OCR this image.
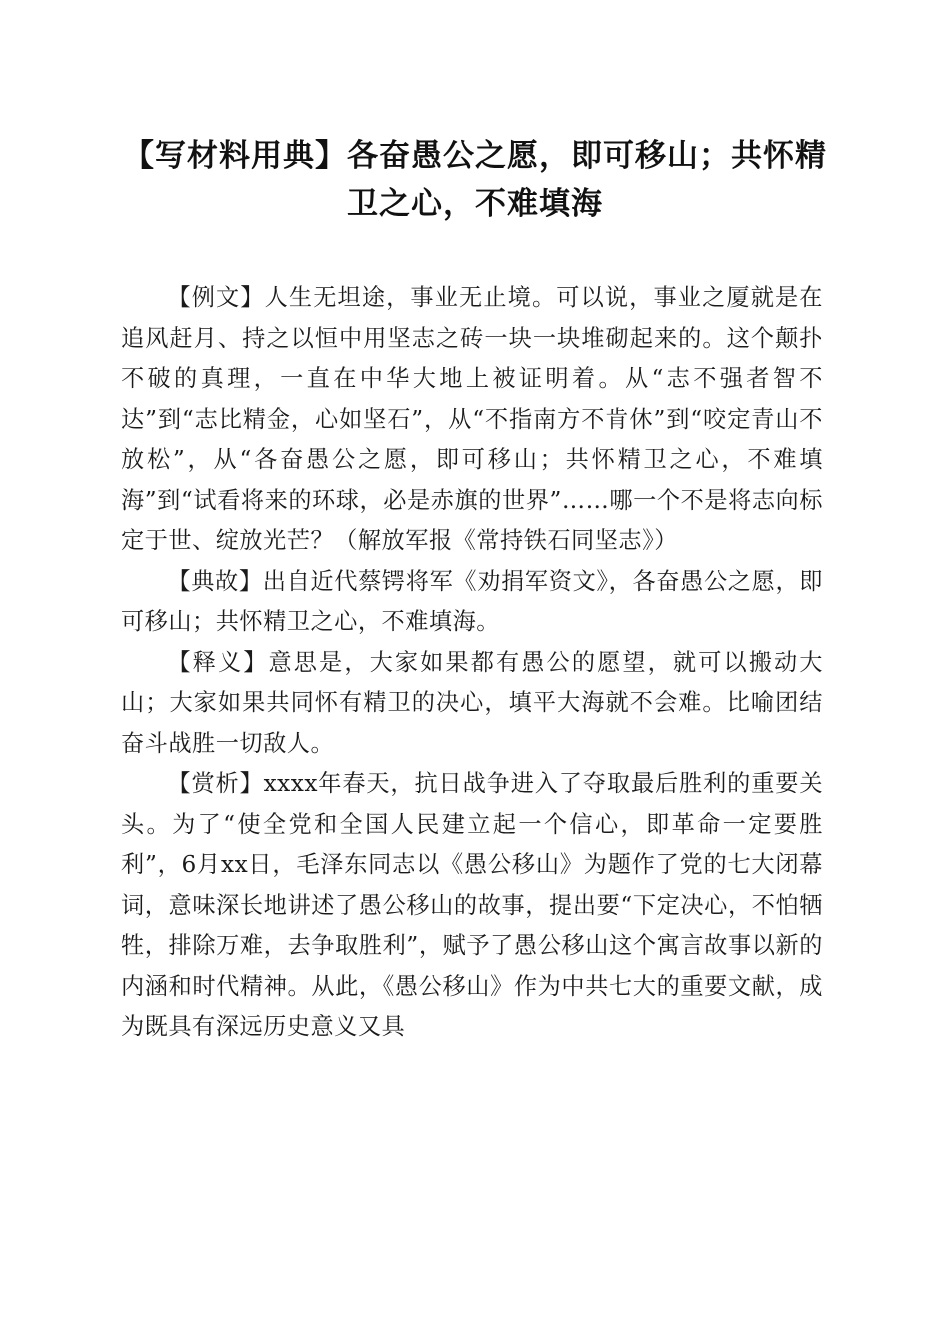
【写材料用典】各奋愚公之愿，即可移山；共怀精卫之心，不难填海

【例文】人生无坦途，事业无止境。可以说，事业之厦就是在追风赶月、持之以恒中用坚志之砖一块一块堆砌起来的。这个颠扑不破的真理，一直在中华大地上被证明着。从“志不强者智不达”到“志比精金，心如坚石”，从“不指南方不肯休”到“咬定青山不放松”，从“各奋愚公之愿，即可移山；共怀精卫之心，不难填海”到“试看将来的环球，必是赤旗的世界”……哪一个不是将志向标定于世、绽放光芒？（解放军报《常持铁石同坚志》）

【典故】出自近代蔡锷将军《劝捐军资文》，各奋愚公之愿，即可移山；共怀精卫之心，不难填海。

【释义】意思是，大家如果都有愚公的愿望，就可以搬动大山；大家如果共同怀有精卫的决心，填平大海就不会难。比喻团结奋斗战胜一切敌人。

【赏析】xxxx年春天，抗日战争进入了夺取最后胜利的重要关头。为了“使全党和全国人民建立起一个信心，即革命一定要胜利”，6月xx日，毛泽东同志以《愚公移山》为题作了党的七大闭幕词，意味深长地讲述了愚公移山的故事，提出要“下定决心，不怕牺牲，排除万难，去争取胜利”，赋予了愚公移山这个寓言故事以新的内涵和时代精神。从此，《愚公移山》作为中共七大的重要文献，成为既具有深远历史意义又具
